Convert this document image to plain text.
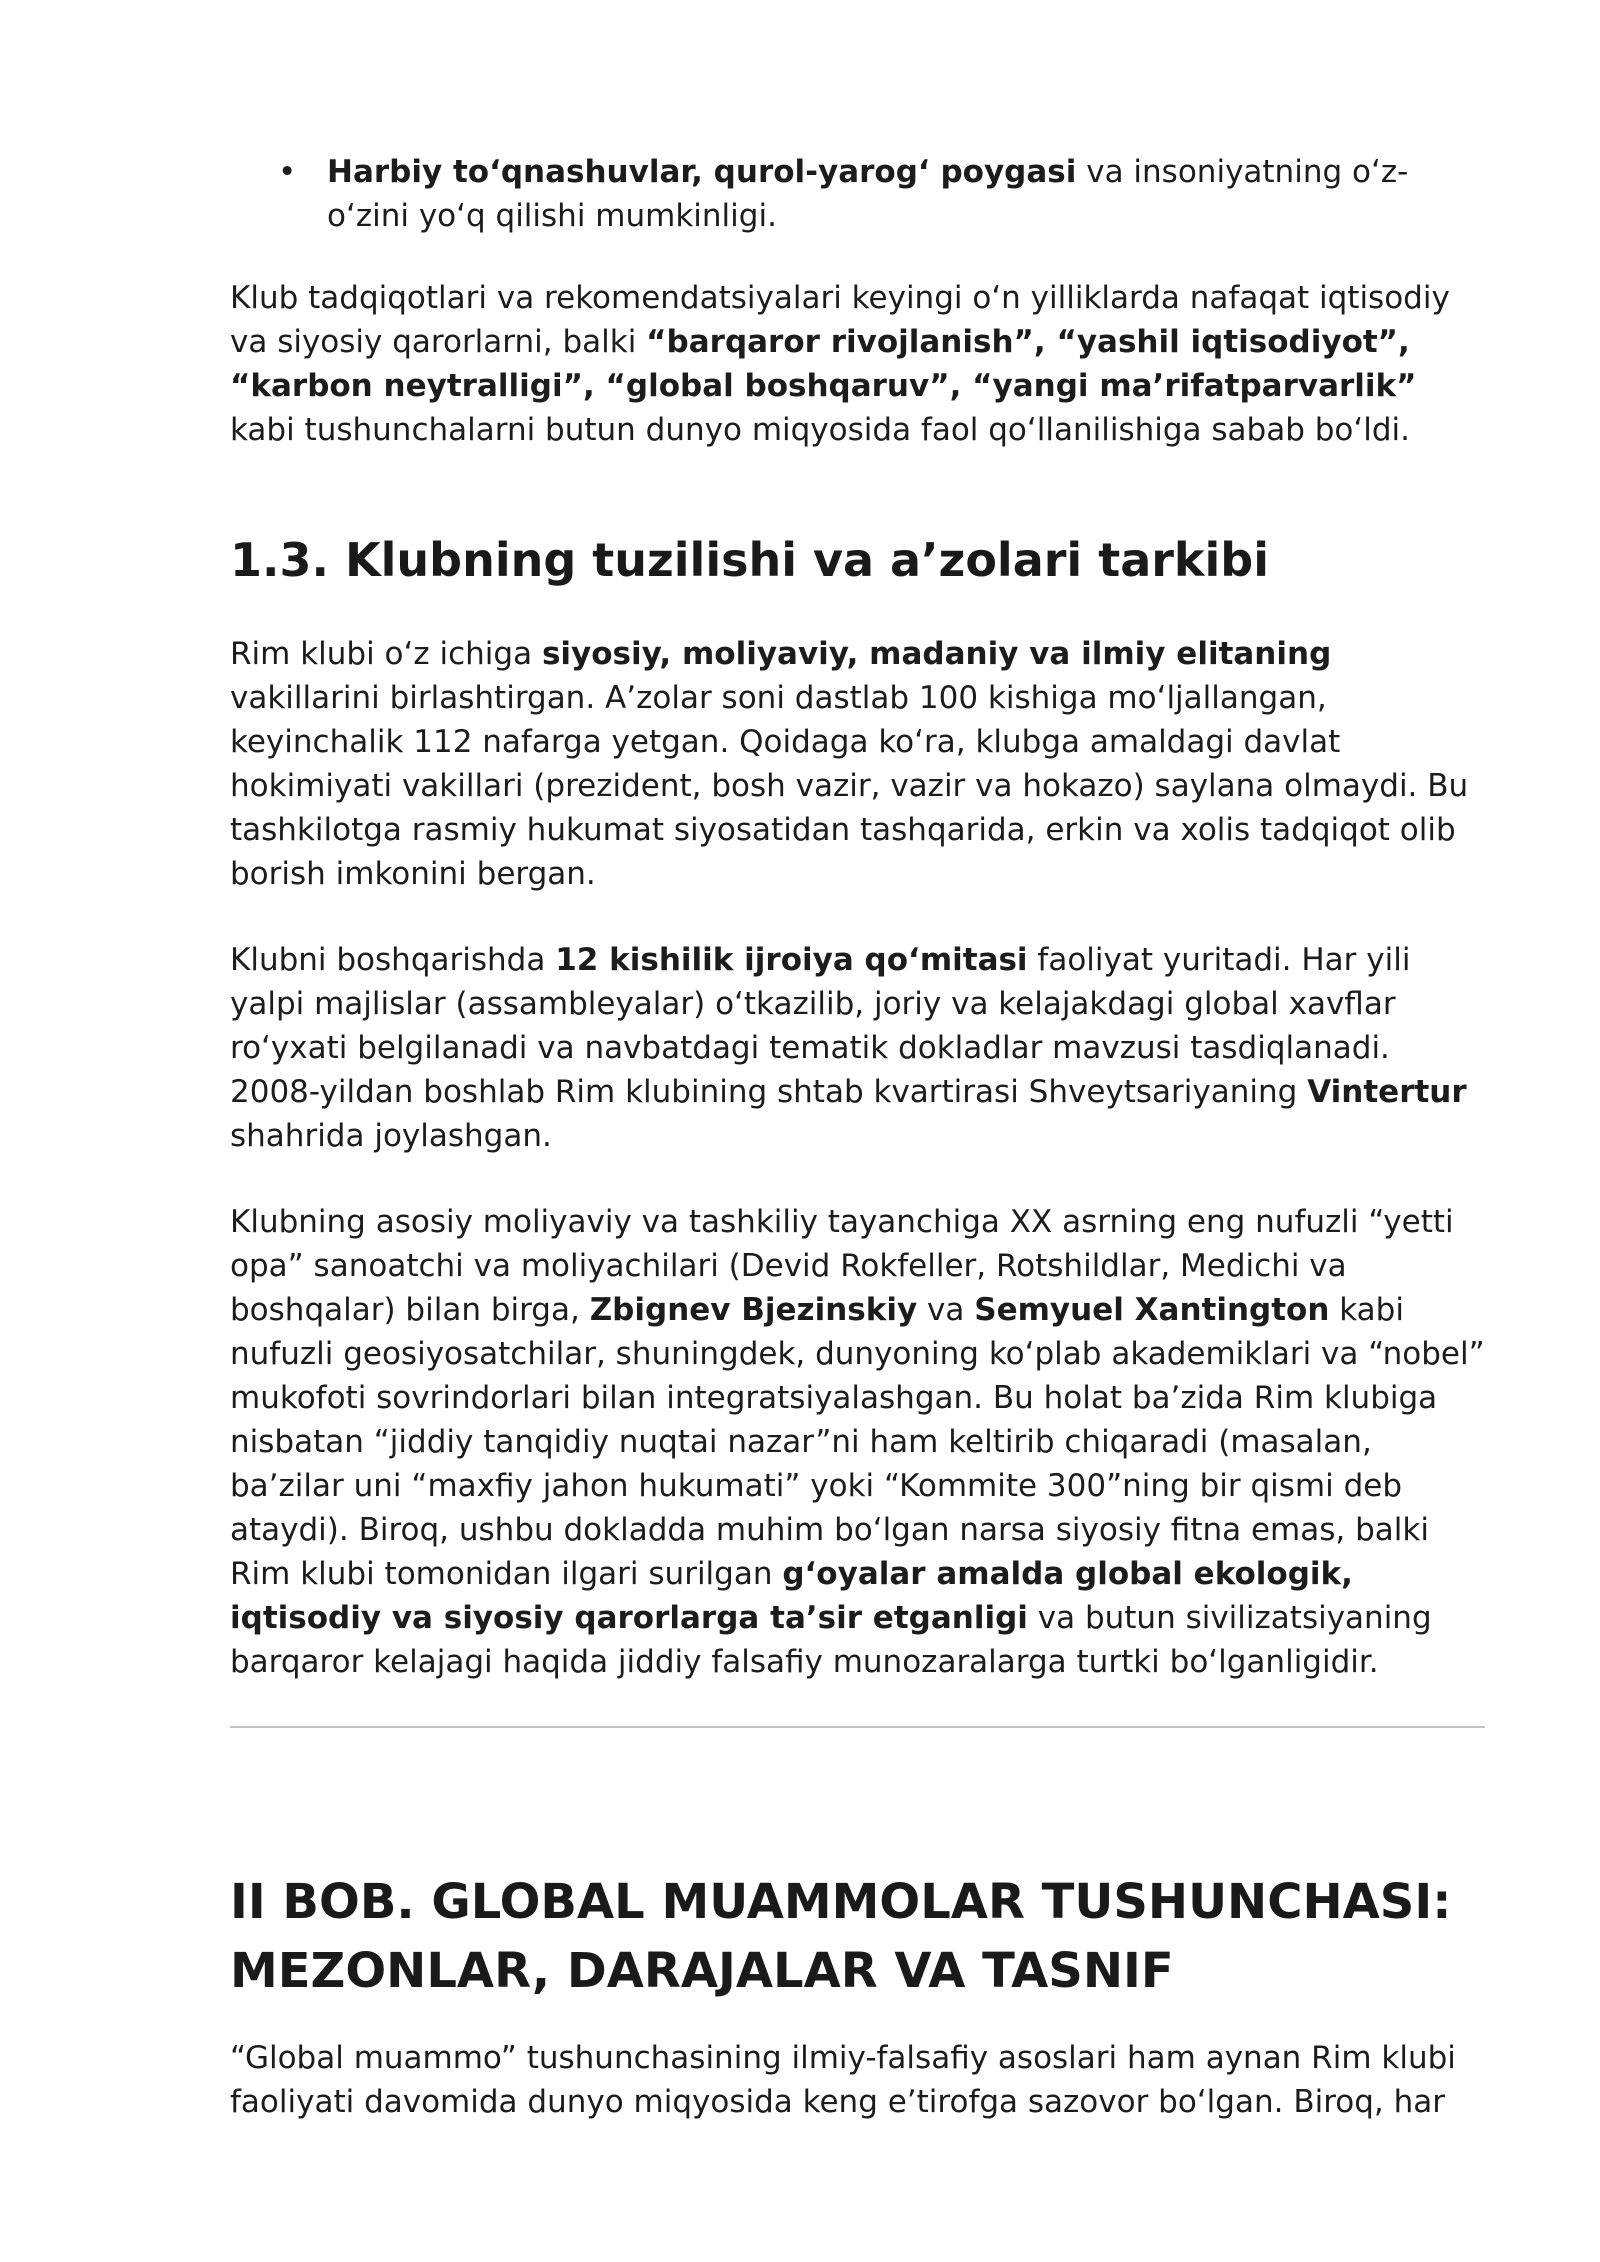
• Harbiy to‘qnashuvlar, qurol-yarog‘ poygasi va insoniyatning o‘z-o‘zini yo‘q qilishi mumkinligi.

Klub tadqiqotlari va rekomendatsiyalari keyingi o‘n yilliklarda nafaqat iqtisodiy va siyosiy qarorlarni, balki “barqaror rivojlanish”, “yashil iqtisodiyot”, “karbon neytralligi”, “global boshqaruv”, “yangi ma’rifatparvarlik” kabi tushunchalarni butun dunyo miqyosida faol qo‘llanilishiga sabab bo‘ldi.

1.3. Klubning tuzilishi va a’zolari tarkibi

Rim klubi o‘z ichiga siyosiy, moliyaviy, madaniy va ilmiy elitaning vakillarini birlashtirgan. A’zolar soni dastlab 100 kishiga mo‘ljallangan, keyinchalik 112 nafarga yetgan. Qoidaga ko‘ra, klubga amaldagi davlat hokimiyati vakillari (prezident, bosh vazir, vazir va hokazo) saylana olmaydi. Bu tashkilotga rasmiy hukumat siyosatidan tashqarida, erkin va xolis tadqiqot olib borish imkonini bergan.

Klubni boshqarishda 12 kishilik ijroiya qo‘mitasi faoliyat yuritadi. Har yili yalpi majlislar (assambleyalar) o‘tkazilib, joriy va kelajakdagi global xavflar ro‘yxati belgilanadi va navbatdagi tematik dokladlar mavzusi tasdiqlanadi. 2008-yildan boshlab Rim klubining shtab kvartirasi Shveytsariyaning Vintertur shahrida joylashgan.

Klubning asosiy moliyaviy va tashkiliy tayanchiga XX asrning eng nufuzli “yetti opa” sanoatchi va moliyachilari (Devid Rokfeller, Rotshildlar, Medichi va boshqalar) bilan birga, Zbignev Bjezinskiy va Semyuel Xantington kabi nufuzli geosiyosatchilar, shuningdek, dunyoning ko‘plab akademiklari va “nobel” mukofoti sovrindorlari bilan integratsiyalashgan. Bu holat ba’zida Rim klubiga nisbatan “jiddiy tanqidiy nuqtai nazar”ni ham keltirib chiqaradi (masalan, ba’zilar uni “maxfiy jahon hukumati” yoki “Kommite 300”ning bir qismi deb ataydi). Biroq, ushbu dokladda muhim bo‘lgan narsa siyosiy fitna emas, balki Rim klubi tomonidan ilgari surilgan g‘oyalar amalda global ekologik, iqtisodiy va siyosiy qarorlarga ta’sir etganligi va butun sivilizatsiyaning barqaror kelajagi haqida jiddiy falsafiy munozaralarga turtki bo‘lganligidir.

II BOB. GLOBAL MUAMMOLAR TUSHUNCHASI:
MEZONLAR, DARAJALAR VA TASNIF

“Global muammo” tushunchasining ilmiy-falsafiy asoslari ham aynan Rim klubi faoliyati davomida dunyo miqyosida keng e’tirofga sazovor bo‘lgan. Biroq, har
